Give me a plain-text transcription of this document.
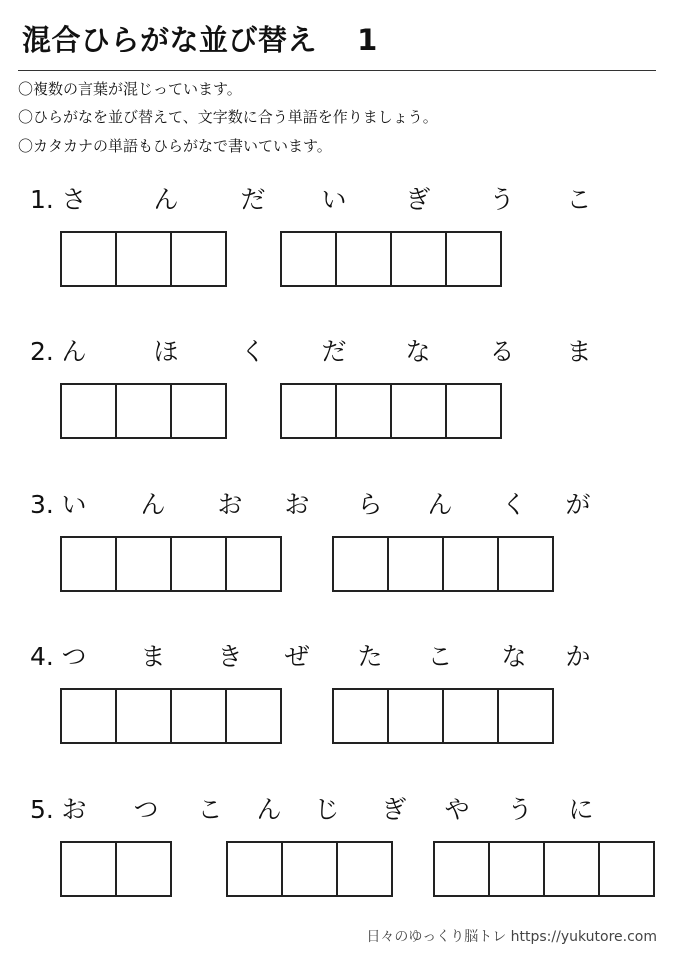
混合ひらがな並び替え　 1
〇複数の言葉が混じっています。
〇ひらがなを並び替えて、文字数に合う単語を作りましょう。
〇カタカナの単語もひらがなで書いています。
1. さ	ん	だ	い	ぎ	う	こ
2. ん	ほ	く	だ	な	る	ま
3. い	ん	お	お	ら	ん	く	が
4. つ	ま	き	ぜ	た	こ	な	か
5. お	つ	こ	ん	じ	ぎ	や	う	に
日々のゆっくり脳トレ https://yukutore.com
